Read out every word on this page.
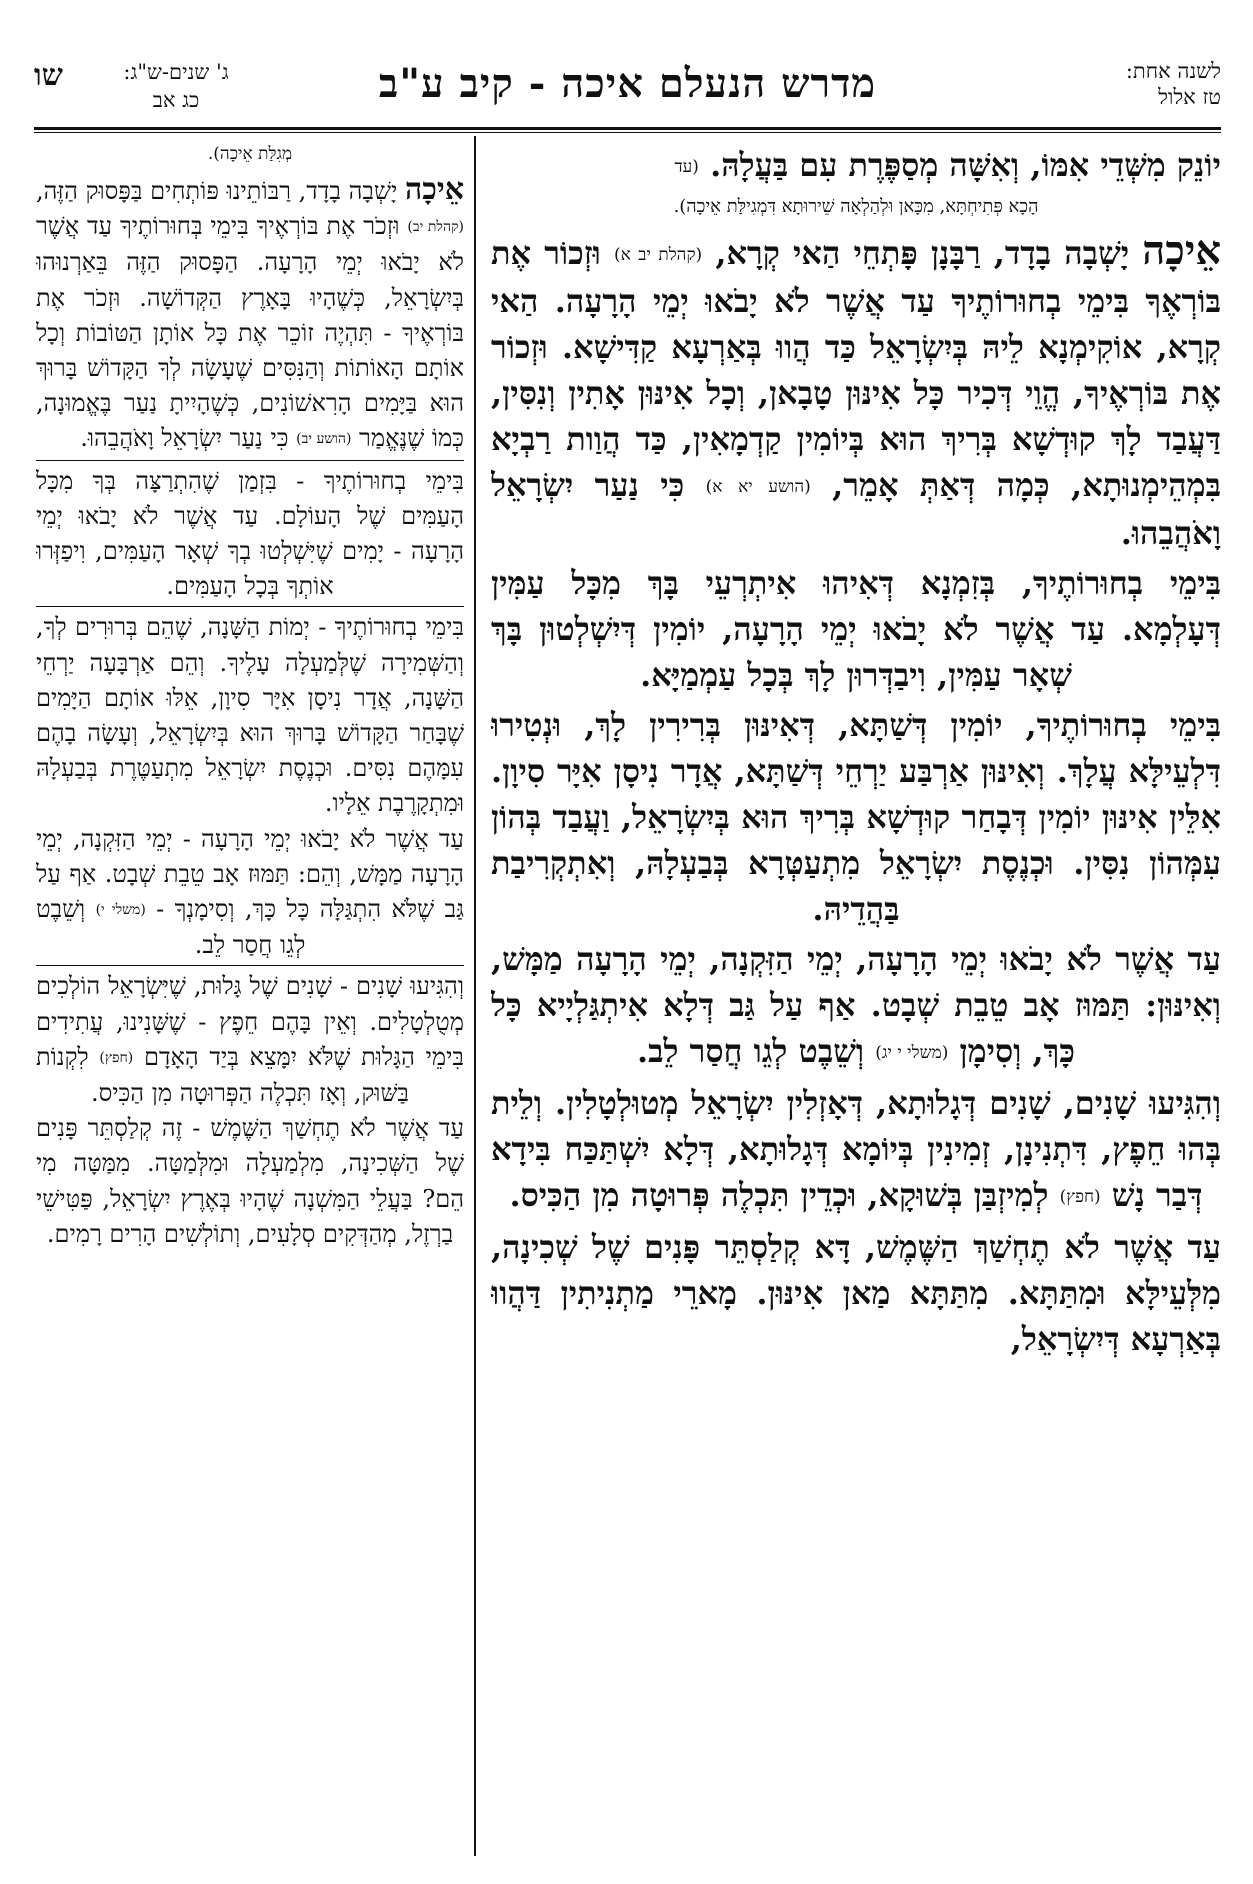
לשנה אחת:
טז אלול
מדרש הנעלם איכה - קיב ע"ב
ג' שנים-ש"ג:
כג אב
שו

יוֹנֵק מִשְּׁדֵי אִמּוֹ, וְאִשָּׁה מְסַפֶּרֶת עִם בַּעֲלָהּ. (עד

הָכָא פְּתִיחְתָּא, מִכָּאן וּלְהַלְאָה שֵׁירוּתָא דִּמְגִילַּת אֵיכָה).

אֵיכָה יָשְׁבָה בָדָד, רַבָּנָן פָּתְחֵי הַאי קְרָא, (קהלת יב א) וּזְכוֹר אֶת בּוֹרְאֶךָ בִּימֵי בְחוּרוֹתֶיךָ עַד אֲשֶׁר לֹא יָבֹאוּ יְמֵי הָרָעָה. הַאי קְרָא, אוֹקִימְנָא לֵיהּ בְּיִשְׂרָאֵל כַּד הֲווּ בְּאַרְעָא קַדִּישָׁא. וּזְכוֹר אֶת בּוֹרְאֶיךָ, הֱוֵי דְּכִיר כָּל אִינּוּן טָבָאן, וְכָל אִינּוּן אָתִין וְנִסִּין, דַּעֲבַד לָךְ קוּדְשָׁא בְּרִיךְ הוּא בְּיוֹמִין קַדְמָאִין, כַּד הֲוַות רַבְיָא בִּמְהֵימְנוּתָא, כְּמָה דְּאַתְּ אָמֵר, (הושע יא א) כִּי נַעַר יִשְׂרָאֵל וָאֹהֲבֵהוּ.

בִּימֵי בְחוּרוֹתֶיךָ, בְּזִמְנָא דְּאִיהוּ אִיתְרְעֵי בָּךְ מִכָּל עַמִּין דְּעָלְמָא. עַד אֲשֶׁר לֹא יָבֹאוּ יְמֵי הָרָעָה, יוֹמִין דְּיִשְׁלְטוּן בָּךְ שְׁאָר עַמִּין, וִיבַדְּרוּן לָךְ בְּכָל עַמְמַיָּא.

בִּימֵי בְחוּרוֹתֶיךָ, יוֹמִין דְּשַׁתָּא, דְּאִינּוּן בְּרִירִין לָךְ, וּנְטִירוּ דִּלְעֵילָּא עֲלָךְ. וְאִינּוּן אַרְבַּע יַרְחֵי דְּשַׁתָּא, אֲדָר נִיסָן אִיָּר סִיוָן. אִלֵּין אִינּוּן יוֹמִין דְּבָחַר קוּדְשָׁא בְּרִיךְ הוּא בְּיִשְׂרָאֵל, וַעֲבַד בְּהוֹן עִמְּהוֹן נִסִּין. וּכְנֶסֶת יִשְׂרָאֵל מִתְעַטְּרָא בְּבַעְלָהּ, וְאִתְקְרִיבַת בַּהֲדֵיהּ.

עַד אֲשֶׁר לֹא יָבֹאוּ יְמֵי הָרָעָה, יְמֵי הַזִּקְנָה, יְמֵי הָרָעָה מַמָּשׁ, וְאִינּוּן: תַּמּוּז אָב טֵבֵת שְׁבָט. אַף עַל גַּב דְּלָא אִיתְגַּלְיָיא כָּל כָּךְ, וְסִימָן (משלי י יג) וְשֵׁבֶט לְגֵו חֲסַר לֵב.

וְהִגִּיעוּ שָׁנִים, שָׁנִים דְּגָלוּתָא, דְּאָזְלִין יִשְׂרָאֵל מְטוּלְטָלִין. וְלֵית בְּהוּ חֵפֶץ, דִּתְנִינָן, זְמִינִין בְּיוֹמָא דְּגָלוּתָא, דְּלָא יִשְׁתַּכַּח בִּידָא דְּבַר נָשׁ (חפץ) לְמִיזְבַּן בְּשׁוּקָא, וּכְדֵין תִּכְלֶה פְּרוּטָה מִן הַכִּיס.

עַד אֲשֶׁר לֹא תֶחְשַׁךְ הַשֶּׁמֶשׁ, דָּא קְלַסְתֵּר פָּנִים שֶׁל שְׁכִינָה, מִלְּעֵילָּא וּמִתַּתָּא. מִתַּתָּא מַאן אִינּוּן. מָארֵי מַתְנִיתִין דַּהֲווּ בְּאַרְעָא דְּיִשְׂרָאֵל,

מְגִלַּת אֵיכָה).

אֵיכָה יָשְׁבָה בָדָד, רַבּוֹתֵינוּ פּוֹתְחִים בַּפָּסוּק הַזֶּה, (קהלת יב) וּזְכֹר אֶת בּוֹרְאֶיךָ בִּימֵי בְּחוּרוֹתֶיךָ עַד אֲשֶׁר לֹא יָבֹאוּ יְמֵי הָרָעָה. הַפָּסוּק הַזֶּה בֵּאַרְנוּהוּ בְּיִשְׂרָאֵל, כְּשֶׁהָיוּ בָּאָרֶץ הַקְּדוֹשָׁה. וּזְכֹר אֶת בּוֹרְאֶיךָ - תִּהְיֶה זוֹכֵר אֶת כָּל אוֹתָן הַטּוֹבוֹת וְכָל אוֹתָם הָאוֹתוֹת וְהַנִּסִּים שֶׁעָשָׂה לְךָ הַקָּדוֹשׁ בָּרוּךְ הוּא בַּיָּמִים הָרִאשׁוֹנִים, כְּשֶׁהָיִיתָ נַעַר בֶּאֱמוּנָה, כְּמוֹ שֶׁנֶּאֱמַר (הושע יב) כִּי נַעַר יִשְׂרָאֵל וָאֹהֲבֵהוּ.

בִּימֵי בְחוּרוֹתֶיךָ - בִּזְמַן שֶׁהִתְרַצָּה בְּךָ מִכָּל הָעַמִּים שֶׁל הָעוֹלָם. עַד אֲשֶׁר לֹא יָבֹאוּ יְמֵי הָרָעָה - יָמִים שֶׁיִּשְׁלְטוּ בְךָ שְׁאָר הָעַמִּים, וִיפַזְּרוּ אוֹתְךָ בְּכָל הָעַמִּים.

בִּימֵי בְחוּרוֹתֶיךָ - יְמוֹת הַשָּׁנָה, שֶׁהֵם בְּרוּרִים לְךָ, וְהַשְּׁמִירָה שֶׁלְּמַעְלָה עָלֶיךָ. וְהֵם אַרְבָּעָה יַרְחֵי הַשָּׁנָה, אֲדָר נִיסָן אִיָּר סִיוָן, אֵלּוּ אוֹתָם הַיָּמִים שֶׁבָּחַר הַקָּדוֹשׁ בָּרוּךְ הוּא בְּיִשְׂרָאֵל, וְעָשָׂה בָהֶם עִמָּהֶם נִסִּים. וּכְנֶסֶת יִשְׂרָאֵל מִתְעַטֶּרֶת בְּבַעְלָהּ וּמִתְקָרֶבֶת אֵלָיו.

עַד אֲשֶׁר לֹא יָבֹאוּ יְמֵי הָרָעָה - יְמֵי הַזִּקְנָה, יְמֵי הָרָעָה מַמָּשׁ, וְהֵם: תַּמּוּז אָב טֵבֵת שְׁבָט. אַף עַל גַּב שֶׁלֹּא הִתְגַּלָּה כָּל כָּךְ, וְסִימָנְךָ - (משלי י) וְשֵׁבֶט לְגֵו חֲסַר לֵב.

וְהִגִּיעוּ שָׁנִים - שָׁנִים שֶׁל גָּלוּת, שֶׁיִּשְׂרָאֵל הוֹלְכִים מְטֻלְטָלִים. וְאֵין בָּהֶם חֵפֶץ - שֶׁשָּׁנִינוּ, עֲתִידִים בִּימֵי הַגָּלוּת שֶׁלֹּא יִמָּצֵא בְּיַד הָאָדָם (חפץ) לִקְנוֹת בַּשּׁוּק, וְאָז תִּכְלֶה הַפְּרוּטָה מִן הַכִּיס.

עַד אֲשֶׁר לֹא תֶחְשַׁךְ הַשֶּׁמֶשׁ - זֶה קְלַסְתֵּר פָּנִים שֶׁל הַשְּׁכִינָה, מִלְמַעְלָה וּמִלְּמַטָּה. מִמַּטָּה מִי הֵם? בַּעֲלֵי הַמִּשְׁנָה שֶׁהָיוּ בְּאֶרֶץ יִשְׂרָאֵל, פַּטִּישֵׁי בַרְזֶל, מְהַדְּקִים סְלָעִים, וְתוֹלְשִׁים הָרִים רָמִים.
